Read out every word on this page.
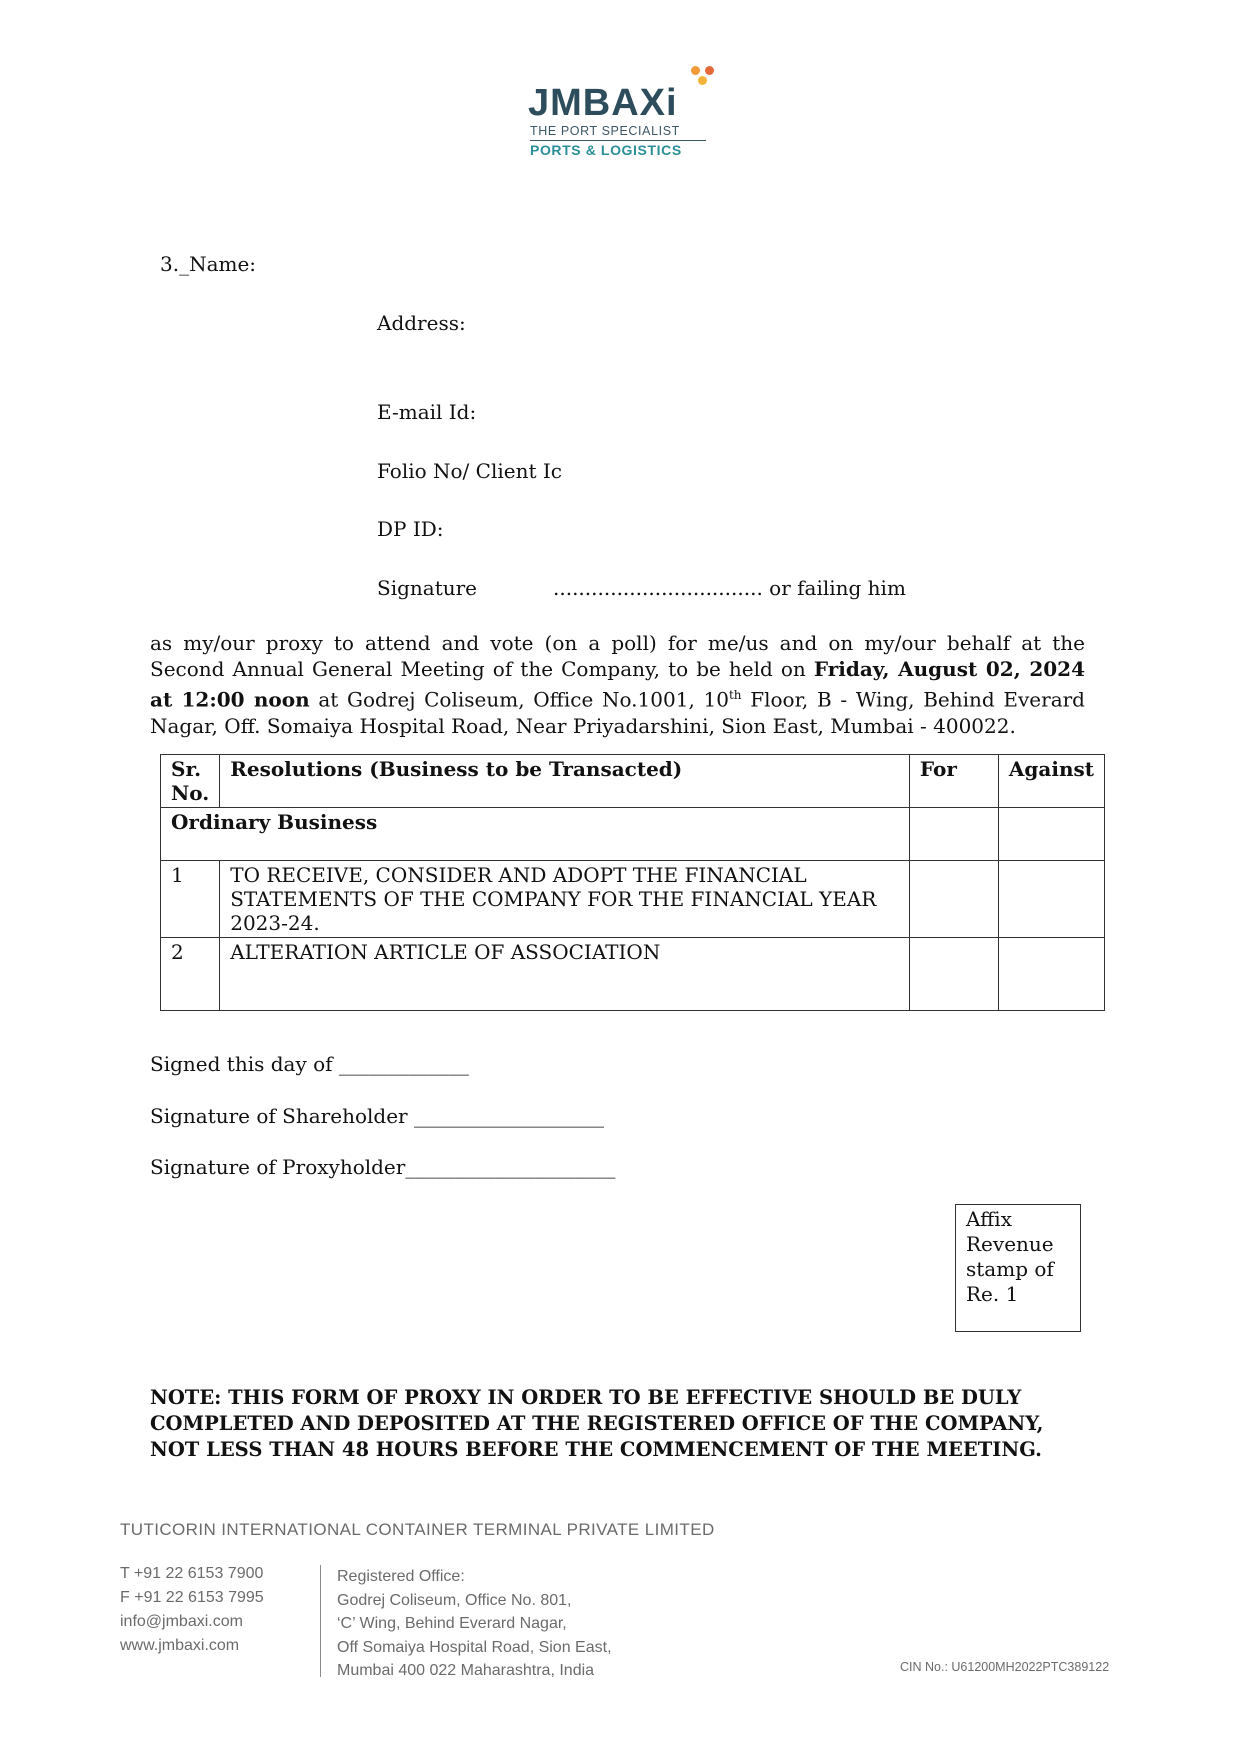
JMBAXi
THE PORT SPECIALIST
PORTS & LOGISTICS
3._Name:
Address:
E-mail Id:
Folio No/ Client Ic
DP ID:
Signature	................................. or failing him
as my/our proxy to attend and vote (on a poll) for me/us and on my/our behalf at the Second Annual General Meeting of the Company, to be held on Friday, August 02, 2024 at 12:00 noon at Godrej Coliseum, Office No.1001, 10th Floor, B - Wing, Behind Everard Nagar, Off. Somaiya Hospital Road, Near Priyadarshini, Sion East, Mumbai - 400022.
Sr. No.	Resolutions (Business to be Transacted)	For	Against
Ordinary Business			
1	TO RECEIVE, CONSIDER AND ADOPT THE FINANCIAL STATEMENTS OF THE COMPANY FOR THE FINANCIAL YEAR 2023-24.		
2	ALTERATION ARTICLE OF ASSOCIATION		
Signed this day of _____________
Signature of Shareholder ___________________
Signature of Proxyholder_____________________
Affix Revenue stamp of Re. 1
NOTE: THIS FORM OF PROXY IN ORDER TO BE EFFECTIVE SHOULD BE DULY COMPLETED AND DEPOSITED AT THE REGISTERED OFFICE OF THE COMPANY, NOT LESS THAN 48 HOURS BEFORE THE COMMENCEMENT OF THE MEETING.
TUTICORIN INTERNATIONAL CONTAINER TERMINAL PRIVATE LIMITED
T +91 22 6153 7900
F +91 22 6153 7995
info@jmbaxi.com
www.jmbaxi.com
Registered Office:
Godrej Coliseum, Office No. 801,
‘C’ Wing, Behind Everard Nagar,
Off Somaiya Hospital Road, Sion East,
Mumbai 400 022 Maharashtra, India	CIN No.: U61200MH2022PTC389122
